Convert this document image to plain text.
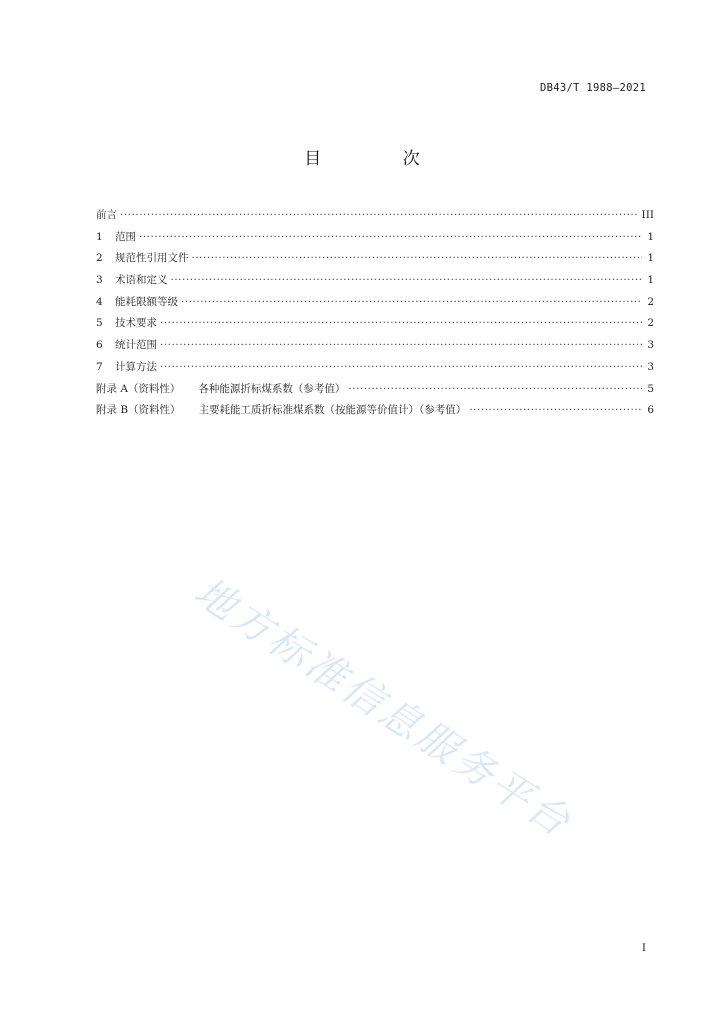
DB43/T 1988—2021
目 次
前言 ·····	III
1	范围 ·····	1
2	规范性引用文件 ·····	1
3	术语和定义 ·····	1
4	能耗限额等级 ·····	2
5	技术要求 ·····	2
6	统计范围 ·····	3
7	计算方法 ·····	3
附录 A（资料性） 各种能源折标煤系数（参考值） ·····	5
附录 B（资料性） 主要耗能工质折标准煤系数（按能源等价值计）（参考值） ·····	6
地方标准信息服务平台
I
